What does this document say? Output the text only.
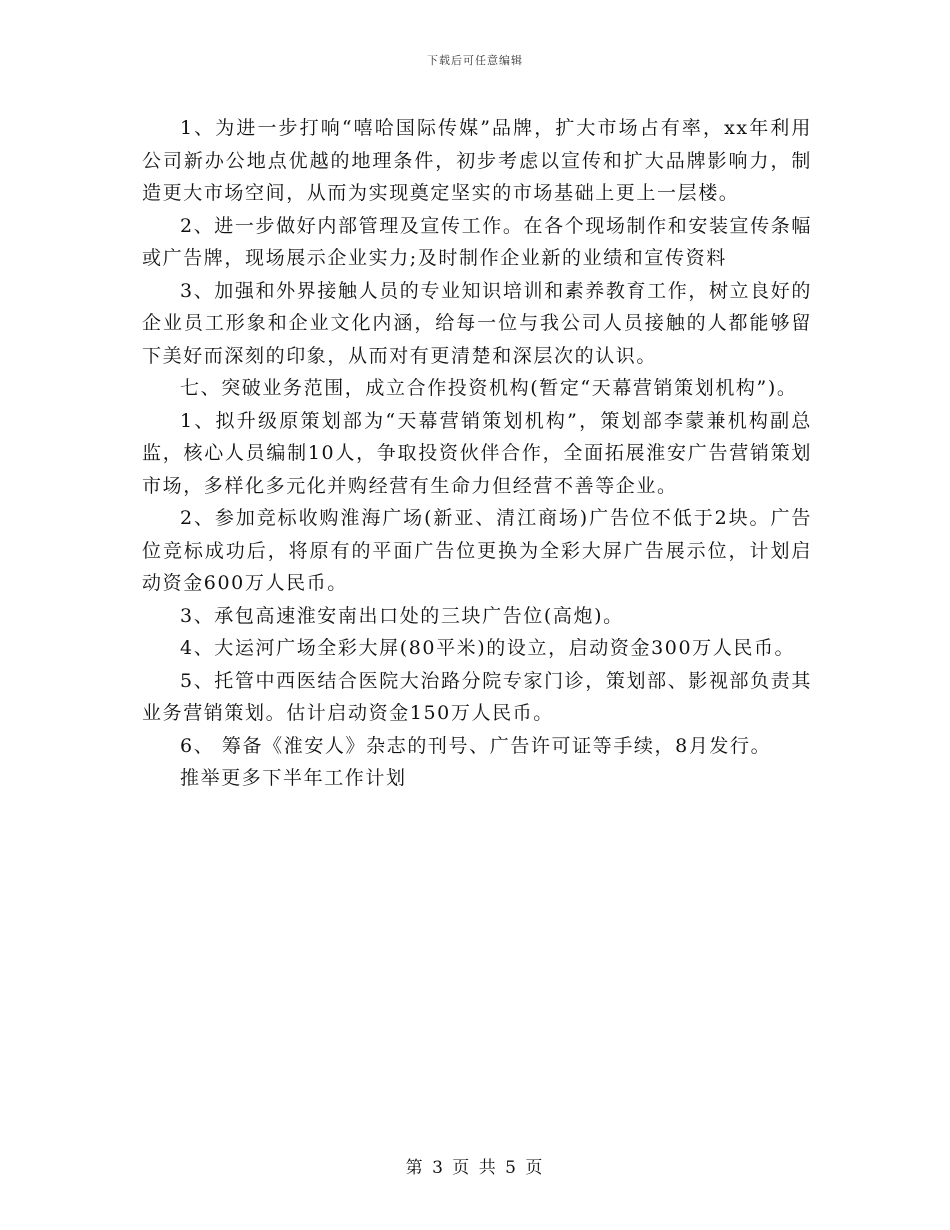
下载后可任意编辑

1、为进一步打响“嘻哈国际传媒”品牌，扩大市场占有率，xx年利用公司新办公地点优越的地理条件，初步考虑以宣传和扩大品牌影响力，制造更大市场空间，从而为实现奠定坚实的市场基础上更上一层楼。

2、进一步做好内部管理及宣传工作。在各个现场制作和安装宣传条幅或广告牌，现场展示企业实力;及时制作企业新的业绩和宣传资料

3、加强和外界接触人员的专业知识培训和素养教育工作，树立良好的企业员工形象和企业文化内涵，给每一位与我公司人员接触的人都能够留下美好而深刻的印象，从而对有更清楚和深层次的认识。

七、突破业务范围，成立合作投资机构(暂定“天幕营销策划机构”)。

1、拟升级原策划部为“天幕营销策划机构”，策划部李蒙兼机构副总监，核心人员编制10人，争取投资伙伴合作，全面拓展淮安广告营销策划市场，多样化多元化并购经营有生命力但经营不善等企业。

2、参加竞标收购淮海广场(新亚、清江商场)广告位不低于2块。广告位竞标成功后，将原有的平面广告位更换为全彩大屏广告展示位，计划启动资金600万人民币。

3、承包高速淮安南出口处的三块广告位(高炮)。

4、大运河广场全彩大屏(80平米)的设立，启动资金300万人民币。

5、托管中西医结合医院大治路分院专家门诊，策划部、影视部负责其业务营销策划。估计启动资金150万人民币。

6、 筹备《淮安人》杂志的刊号、广告许可证等手续，8月发行。

推举更多下半年工作计划

第 3 页 共 5 页
